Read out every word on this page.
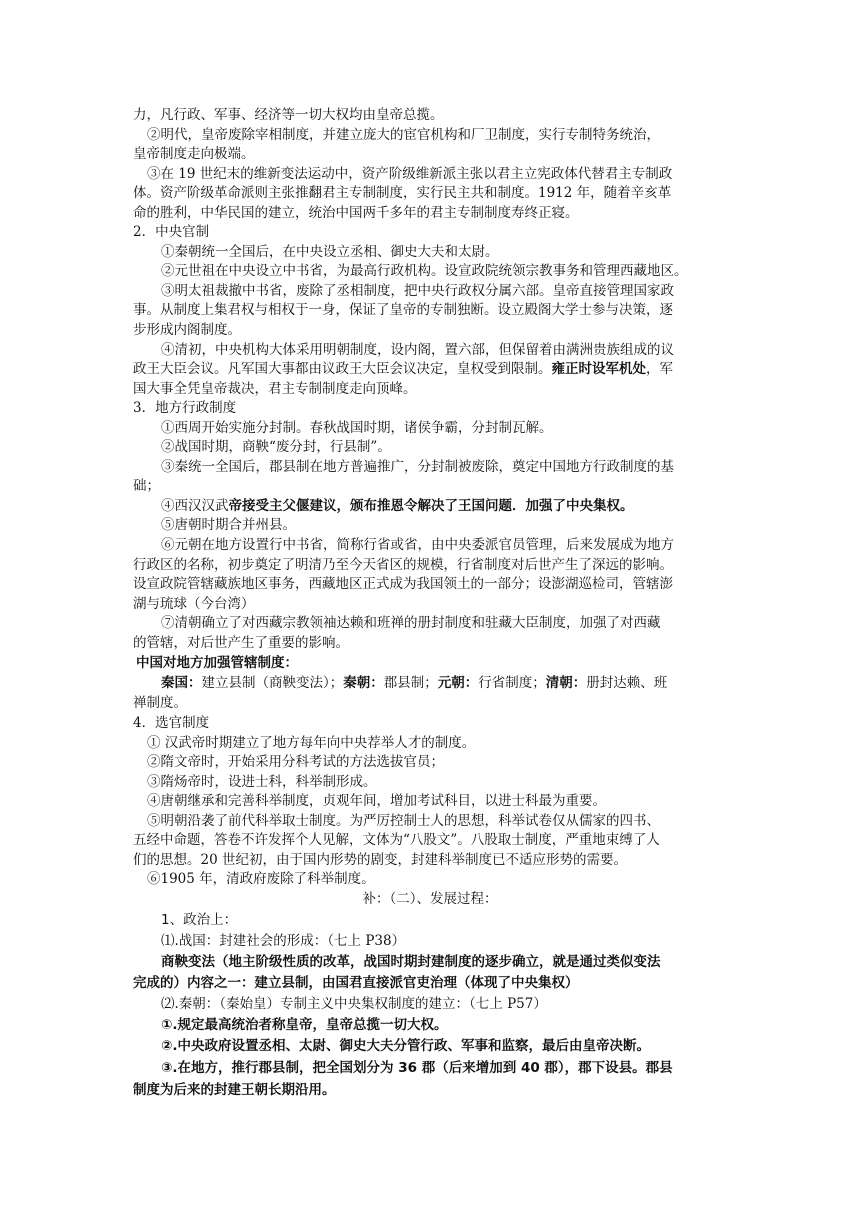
力，凡行政、军事、经济等一切大权均由皇帝总揽。
②明代，皇帝废除宰相制度，并建立庞大的宦官机构和厂卫制度，实行专制特务统治，
皇帝制度走向极端。
③在 19 世纪末的维新变法运动中，资产阶级维新派主张以君主立宪政体代替君主专制政
体。资产阶级革命派则主张推翻君主专制制度，实行民主共和制度。1912 年，随着辛亥革
命的胜利，中华民国的建立，统治中国两千多年的君主专制制度寿终正寝。
2．中央官制
①秦朝统一全国后，在中央设立丞相、御史大夫和太尉。
②元世祖在中央设立中书省，为最高行政机构。设宣政院统领宗教事务和管理西藏地区。
③明太祖裁撤中书省，废除了丞相制度，把中央行政权分属六部。皇帝直接管理国家政
事。从制度上集君权与相权于一身，保证了皇帝的专制独断。设立殿阁大学士参与决策，逐
步形成内阁制度。
④清初，中央机构大体采用明朝制度，设内阁，置六部，但保留着由满洲贵族组成的议
政王大臣会议。凡军国大事都由议政王大臣会议决定，皇权受到限制。雍正时设军机处，军
国大事全凭皇帝裁决，君主专制制度走向顶峰。
3．地方行政制度
①西周开始实施分封制。春秋战国时期，诸侯争霸，分封制瓦解。
②战国时期，商鞅“废分封，行县制”。
③秦统一全国后，郡县制在地方普遍推广，分封制被废除，奠定中国地方行政制度的基
础；
④西汉汉武帝接受主父偃建议，颁布推恩令解决了王国问题．加强了中央集权。
⑤唐朝时期合并州县。
⑥元朝在地方设置行中书省，简称行省或省，由中央委派官员管理，后来发展成为地方
行政区的名称，初步奠定了明清乃至今天省区的规模，行省制度对后世产生了深远的影响。
设宣政院管辖藏族地区事务，西藏地区正式成为我国领土的一部分；设澎湖巡检司，管辖澎
湖与琉球（今台湾）
⑦清朝确立了对西藏宗教领袖达赖和班禅的册封制度和驻藏大臣制度，加强了对西藏
的管辖，对后世产生了重要的影响。
中国对地方加强管辖制度：
秦国：建立县制（商鞅变法）；秦朝：郡县制；元朝：行省制度；清朝：册封达赖、班
禅制度。
4．选官制度
① 汉武帝时期建立了地方每年向中央荐举人才的制度。
②隋文帝时，开始采用分科考试的方法选拔官员；
③隋炀帝时，设进士科，科举制形成。
④唐朝继承和完善科举制度，贞观年间，增加考试科目，以进士科最为重要。
⑤明朝沿袭了前代科举取士制度。为严厉控制士人的思想，科举试卷仅从儒家的四书、
五经中命题，答卷不许发挥个人见解，文体为“八股文”。八股取士制度，严重地束缚了人
们的思想。20 世纪初，由于国内形势的剧变，封建科举制度已不适应形势的需要。
⑥1905 年，清政府废除了科举制度。
补：（二）、发展过程：
1、政治上：
⑴.战国：封建社会的形成：（七上 P38）
商鞅变法（地主阶级性质的改革，战国时期封建制度的逐步确立，就是通过类似变法
完成的）内容之一：建立县制，由国君直接派官吏治理（体现了中央集权）
⑵.秦朝：（秦始皇）专制主义中央集权制度的建立：（七上 P57）
①.规定最高统治者称皇帝，皇帝总揽一切大权。
②.中央政府设置丞相、太尉、御史大夫分管行政、军事和监察，最后由皇帝决断。
③.在地方，推行郡县制，把全国划分为 36 郡（后来增加到 40 郡），郡下设县。郡县
制度为后来的封建王朝长期沿用。
